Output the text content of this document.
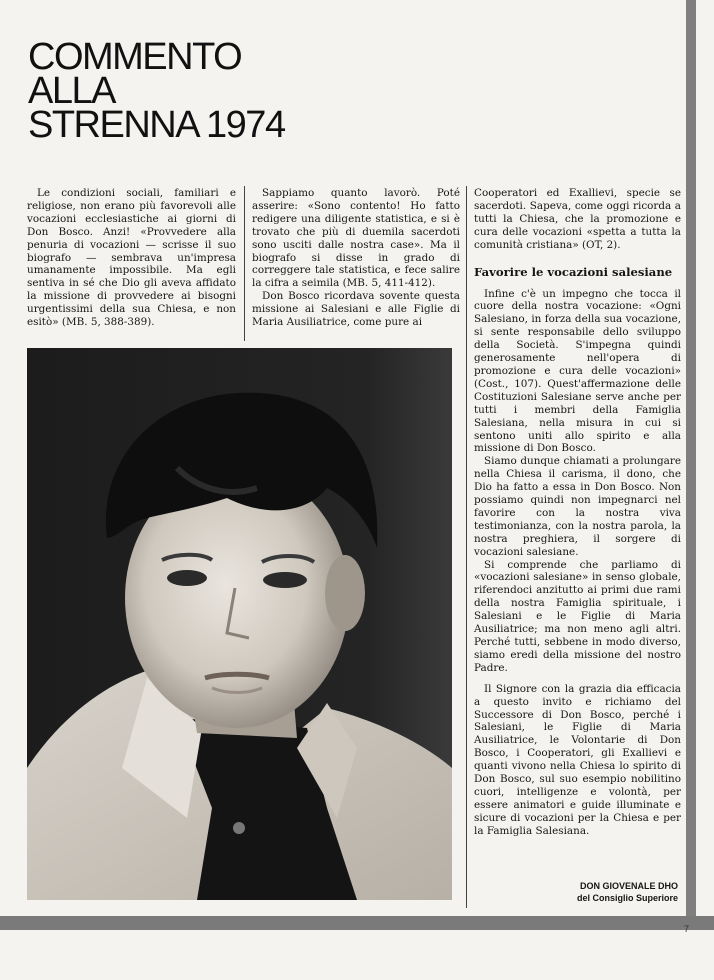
7
COMMENTO
ALLA
STRENNA 1974

Le condizioni sociali, familiari e religiose, non erano più favorevoli alle vocazioni ecclesiastiche ai giorni di Don Bosco. Anzi! «Provvedere alla penuria di vocazioni — scrisse il suo biografo — sembrava un'impresa umanamente impossibile. Ma egli sentiva in sé che Dio gli aveva affidato la missione di provvedere ai bisogni urgentissimi della sua Chiesa, e non esitò» (MB. 5, 388-389).

Sappiamo quanto lavorò. Poté asserire: «Sono contento! Ho fatto redigere una diligente statistica, e si è trovato che più di duemila sacerdoti sono usciti dalle nostra case». Ma il biografo si disse in grado di correggere tale statistica, e fece salire la cifra a seimila (MB. 5, 411-412).

Don Bosco ricordava sovente questa missione ai Salesiani e alle Figlie di Maria Ausiliatrice, come pure ai

Cooperatori ed Exallievi, specie se sacerdoti. Sapeva, come oggi ricorda a tutti la Chiesa, che la promozione e cura delle vocazioni «spetta a tutta la comunità cristiana» (OT, 2).

Favorire le vocazioni salesiane

Infine c'è un impegno che tocca il cuore della nostra vocazione: «Ogni Salesiano, in forza della sua vocazione, si sente responsabile dello sviluppo della Società. S'impegna quindi generosamente nell'opera di promozione e cura delle vocazioni» (Cost., 107). Quest'affermazione delle Costituzioni Salesiane serve anche per tutti i membri della Famiglia Salesiana, nella misura in cui si sentono uniti allo spirito e alla missione di Don Bosco.

Siamo dunque chiamati a prolungare nella Chiesa il carisma, il dono, che Dio ha fatto a essa in Don Bosco. Non possiamo quindi non impegnarci nel favorire con la nostra viva testimonianza, con la nostra parola, la nostra preghiera, il sorgere di vocazioni salesiane.

Si comprende che parliamo di «vocazioni salesiane» in senso globale, riferendoci anzitutto ai primi due rami della nostra Famiglia spirituale, i Salesiani e le Figlie di Maria Ausiliatrice; ma non meno agli altri. Perché tutti, sebbene in modo diverso, siamo eredi della missione del nostro Padre.

Il Signore con la grazia dia efficacia a questo invito e richiamo del Successore di Don Bosco, perché i Salesiani, le Figlie di Maria Ausiliatrice, le Volontarie di Don Bosco, i Cooperatori, gli Exallievi e quanti vivono nella Chiesa lo spirito di Don Bosco, sul suo esempio nobilitino cuori, intelligenze e volontà, per essere animatori e guide illuminate e sicure di vocazioni per la Chiesa e per la Famiglia Salesiana.

DON GIOVENALE DHO
del Consiglio Superiore
